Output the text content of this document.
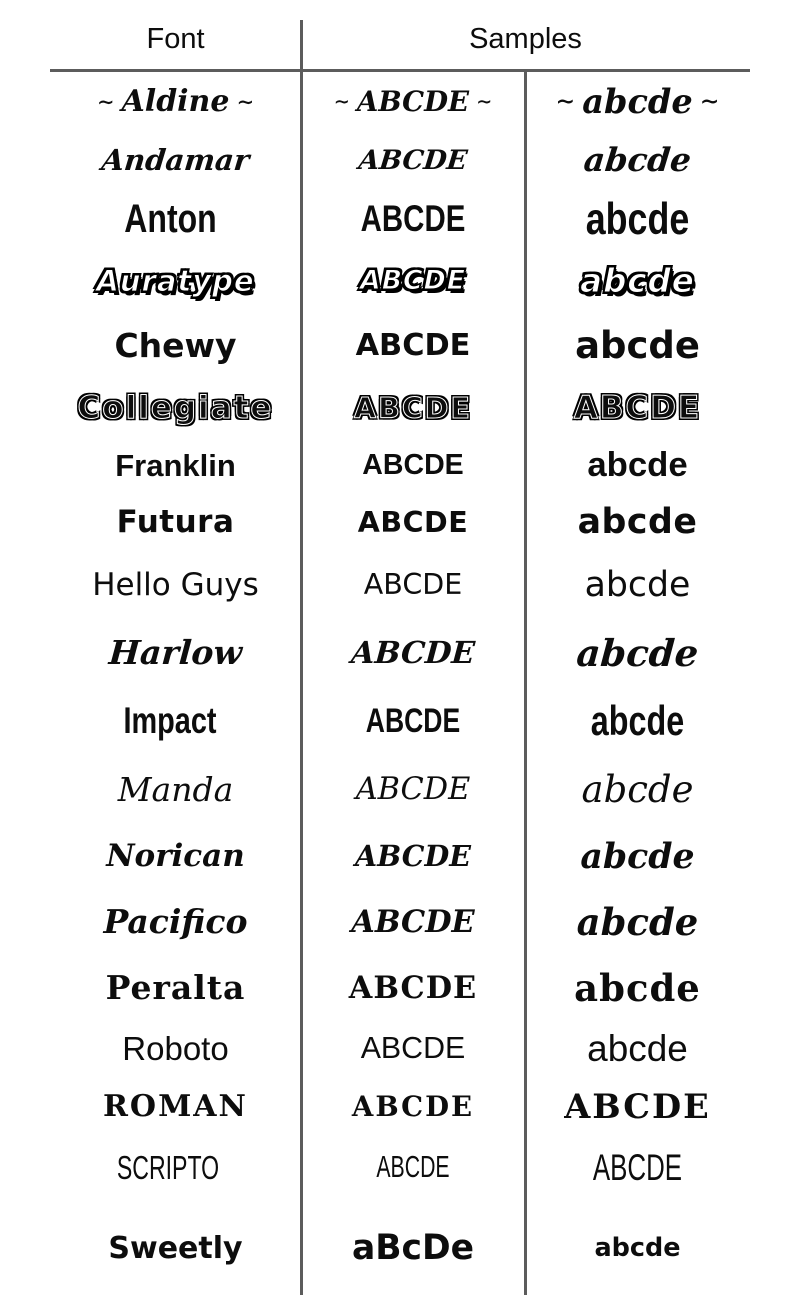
Font	Samples
∼ Aldine ∼	∼ ABCDE ∼	∼ abcde ∼
Andamar	ABCDE	abcde
Anton	ABCDE	abcde
Auratype	ABCDE	abcde
Chewy	ABCDE	abcde
Collegiate	ABCDE	ABCDE
Franklin	ABCDE	abcde
Futura	ABCDE	abcde
Hello Guys	ABCDE	abcde
Harlow	ABCDE	abcde
Impact	ABCDE	abcde
Manda	ABCDE	abcde
Norican	ABCDE	abcde
Pacifico	ABCDE	abcde
Peralta	ABCDE	abcde
Roboto	ABCDE	abcde
ROMAN	ABCDE	ABCDE
SCRIPTO	ABCDE	ABCDE
Sweetly	aBcDe	abcde
